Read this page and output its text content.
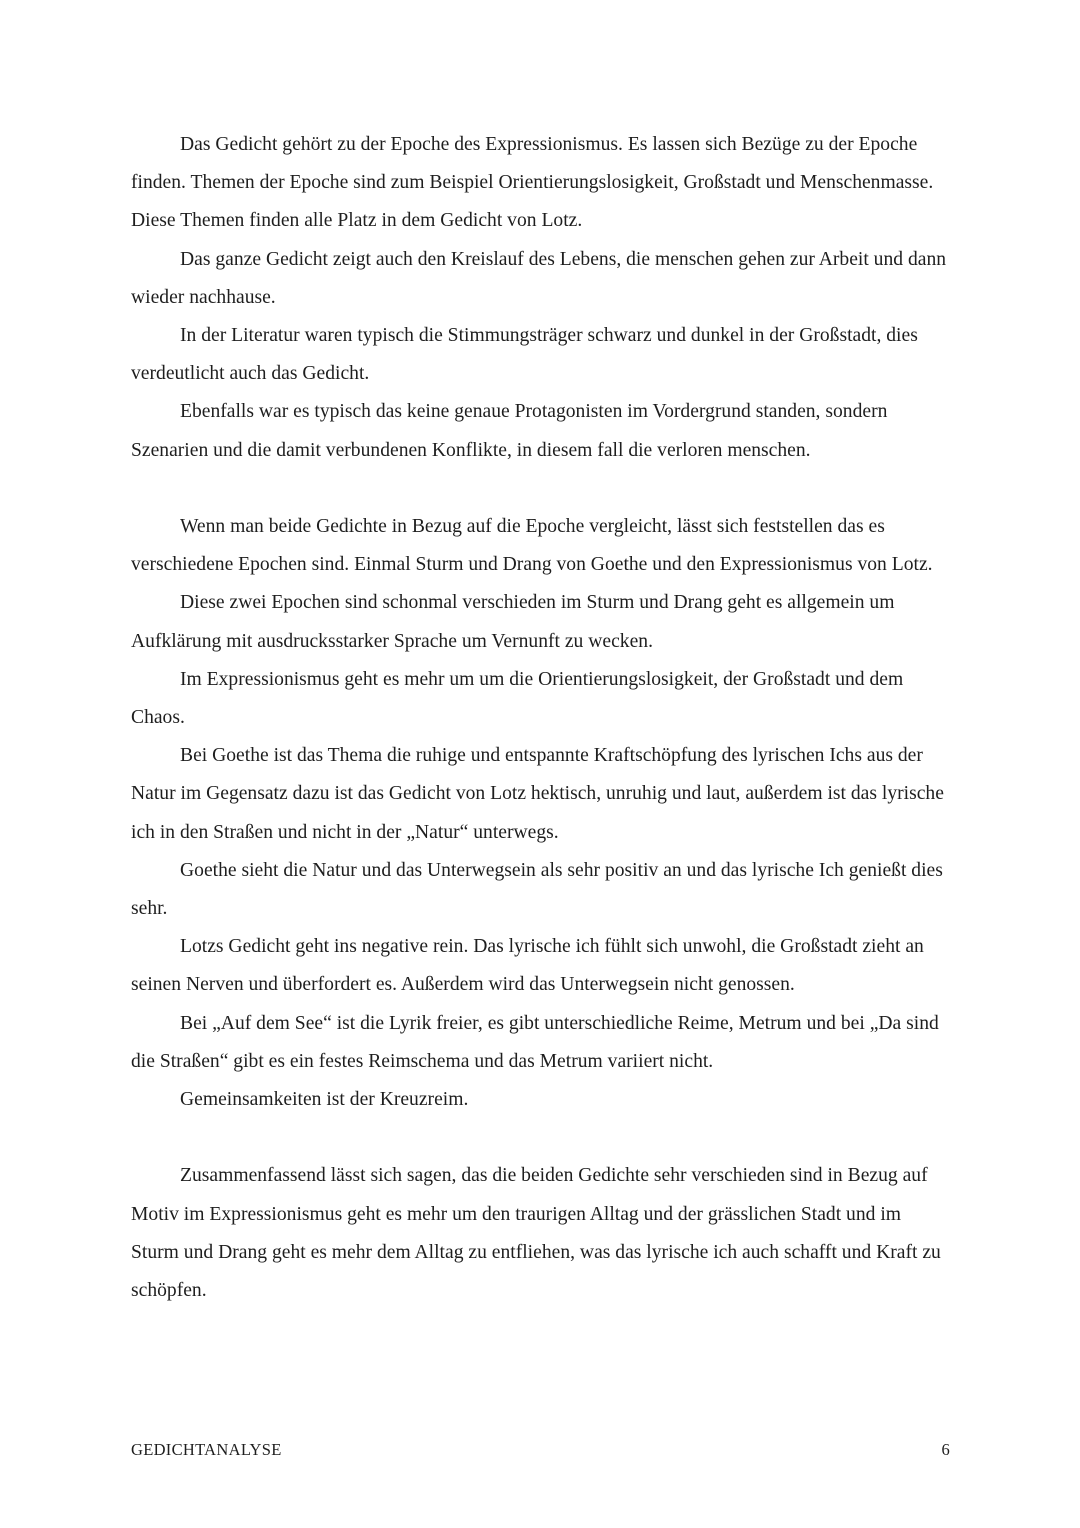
Das Gedicht gehört zu der Epoche des Expressionismus. Es lassen sich Bezüge zu der Epoche finden. Themen der Epoche sind zum Beispiel Orientierungslosigkeit, Großstadt und Menschenmasse. Diese Themen finden alle Platz in dem Gedicht von Lotz.

Das ganze Gedicht zeigt auch den Kreislauf des Lebens, die menschen gehen zur Arbeit und dann wieder nachhause.

In der Literatur waren typisch die Stimmungsträger schwarz und dunkel in der Großstadt, dies verdeutlicht auch das Gedicht.

Ebenfalls war es typisch das keine genaue Protagonisten im Vordergrund standen, sondern Szenarien und die damit verbundenen Konflikte, in diesem fall die verloren menschen.

Wenn man beide Gedichte in Bezug auf die Epoche vergleicht, lässt sich feststellen das es verschiedene Epochen sind. Einmal Sturm und Drang von Goethe und den Expressionismus von Lotz.

Diese zwei Epochen sind schonmal verschieden im Sturm und Drang geht es allgemein um Aufklärung mit ausdrucksstarker Sprache um Vernunft zu wecken.

Im Expressionismus geht es mehr um um die Orientierungslosigkeit, der Großstadt und dem Chaos.

Bei Goethe ist das Thema die ruhige und entspannte Kraftschöpfung des lyrischen Ichs aus der Natur im Gegensatz dazu ist das Gedicht von Lotz hektisch, unruhig und laut, außerdem ist das lyrische ich in den Straßen und nicht in der „Natur“ unterwegs.

Goethe sieht die Natur und das Unterwegsein als sehr positiv an und das lyrische Ich genießt dies sehr.

Lotzs Gedicht geht ins negative rein. Das lyrische ich fühlt sich unwohl, die Großstadt zieht an seinen Nerven und überfordert es. Außerdem wird das Unterwegsein nicht genossen.

Bei „Auf dem See“ ist die Lyrik freier, es gibt unterschiedliche Reime, Metrum und bei „Da sind die Straßen“ gibt es ein festes Reimschema und das Metrum variiert nicht.

Gemeinsamkeiten ist der Kreuzreim.

Zusammenfassend lässt sich sagen, das die beiden Gedichte sehr verschieden sind in Bezug auf Motiv im Expressionismus geht es mehr um den traurigen Alltag und der grässlichen Stadt und im Sturm und Drang geht es mehr dem Alltag zu entfliehen, was das lyrische ich auch schafft und Kraft zu schöpfen.

GEDICHTANALYSE	6
